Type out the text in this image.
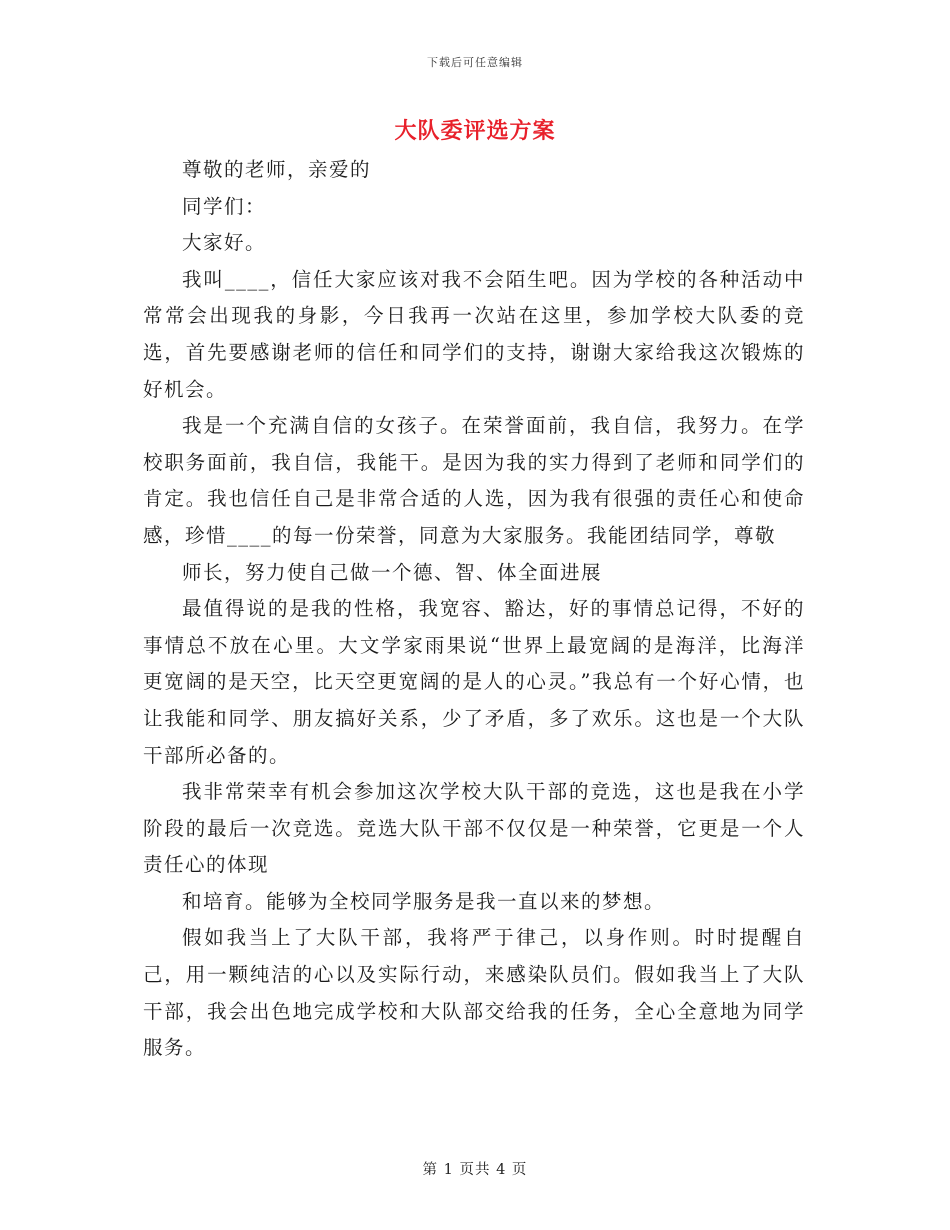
下载后可任意编辑
大队委评选方案

尊敬的老师，亲爱的

同学们：

大家好。

我叫____，信任大家应该对我不会陌生吧。因为学校的各种活动中常常会出现我的身影，今日我再一次站在这里，参加学校大队委的竞选，首先要感谢老师的信任和同学们的支持，谢谢大家给我这次锻炼的好机会。

我是一个充满自信的女孩子。在荣誉面前，我自信，我努力。在学校职务面前，我自信，我能干。是因为我的实力得到了老师和同学们的肯定。我也信任自己是非常合适的人选，因为我有很强的责任心和使命感，珍惜____的每一份荣誉，同意为大家服务。我能团结同学，尊敬

师长，努力使自己做一个德、智、体全面进展

最值得说的是我的性格，我宽容、豁达，好的事情总记得，不好的事情总不放在心里。大文学家雨果说“世界上最宽阔的是海洋，比海洋更宽阔的是天空，比天空更宽阔的是人的心灵。”我总有一个好心情，也让我能和同学、朋友搞好关系，少了矛盾，多了欢乐。这也是一个大队干部所必备的。

我非常荣幸有机会参加这次学校大队干部的竞选，这也是我在小学阶段的最后一次竞选。竞选大队干部不仅仅是一种荣誉，它更是一个人责任心的体现

和培育。能够为全校同学服务是我一直以来的梦想。

假如我当上了大队干部，我将严于律己，以身作则。时时提醒自己，用一颗纯洁的心以及实际行动，来感染队员们。假如我当上了大队干部，我会出色地完成学校和大队部交给我的任务，全心全意地为同学服务。

第 1 页共 4 页
